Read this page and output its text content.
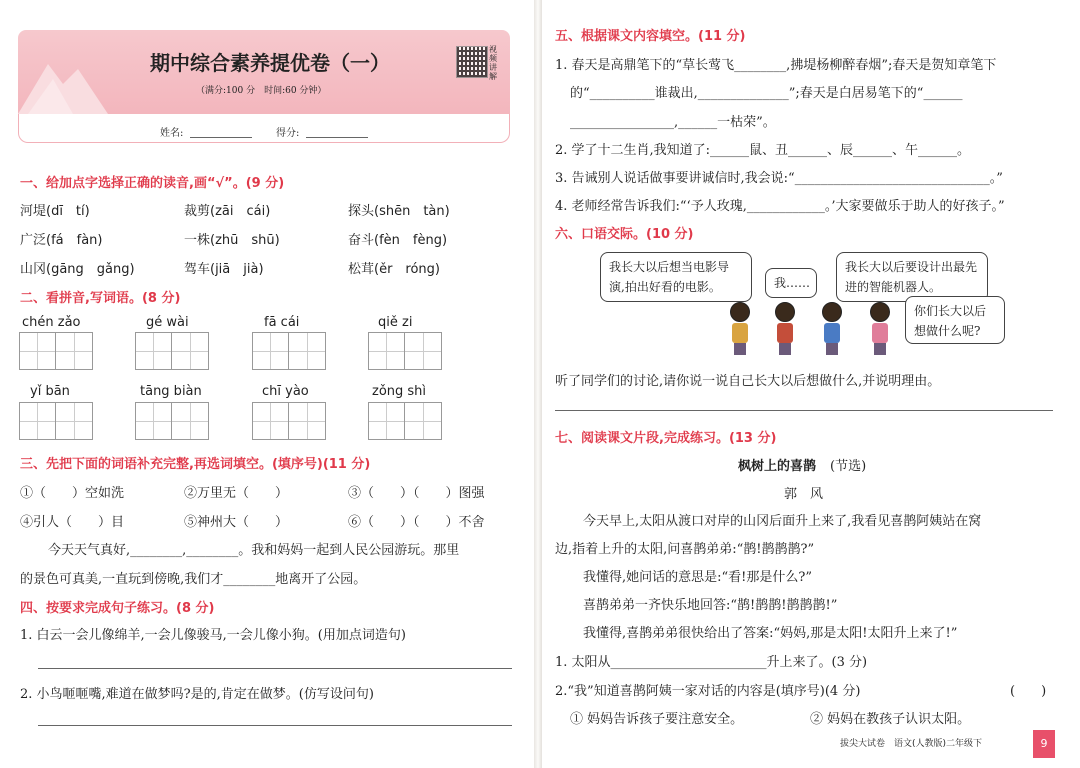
期中综合素养提优卷（一）
（满分:100 分　时间:60 分钟）
视频讲解
姓名:	得分:
一、给加点字选择正确的读音,画“√”。(9 分)
河堤(dī　tí)	裁剪(zāi　cái)	探头(shēn　tàn)
广泛(fá　fàn)	一株(zhū　shū)	奋斗(fèn　fèng)
山冈(gāng　gǎng)	驾车(jiā　jià)	松茸(ěr　róng)
二、看拼音,写词语。(8 分)
chén zǎo	gé wài	fā cái	qiě zi
yǐ bān	tāng biàn	chī yào	zǒng shì
三、先把下面的词语补充完整,再选词填空。(填序号)(11 分)
①（　　）空如洗	②万里无（　　）	③（　　）（　　）图强
④引人（　　）目	⑤神州大（　　）	⑥（　　）（　　）不舍
今天天气真好,________,________。我和妈妈一起到人民公园游玩。那里
的景色可真美,一直玩到傍晚,我们才________地离开了公园。
四、按要求完成句子练习。(8 分)
1. 白云一会儿像绵羊,一会儿像骏马,一会儿像小狗。(用加点词造句)
2. 小鸟咂咂嘴,难道在做梦吗?是的,肯定在做梦。(仿写设问句)
五、根据课文内容填空。(11 分)
1. 春天是高鼎笔下的“草长莺飞________,拂堤杨柳醉春烟”;春天是贺知章笔下
的“__________谁裁出,______________”;春天是白居易笔下的“______
________________,______一枯荣”。
2. 学了十二生肖,我知道了:______鼠、丑______、辰______、午______。
3. 告诫别人说话做事要讲诚信时,我会说:“______________________________。”
4. 老师经常告诉我们:“‘予人玫瑰,____________。’大家要做乐于助人的好孩子。”
六、口语交际。(10 分)
我长大以后想当电影导演,拍出好看的电影。	我……
我长大以后要设计出最先进的智能机器人。
你们长大以后想做什么呢?
听了同学们的讨论,请你说一说自己长大以后想做什么,并说明理由。
七、阅读课文片段,完成练习。(13 分)
枫树上的喜鹊 (节选)
郭　风
今天早上,太阳从渡口对岸的山冈后面升上来了,我看见喜鹊阿姨站在窝
边,指着上升的太阳,问喜鹊弟弟:“鹊!鹊鹊鹊?”
我懂得,她问话的意思是:“看!那是什么?”
喜鹊弟弟一齐快乐地回答:“鹊!鹊鹊!鹊鹊鹊!”
我懂得,喜鹊弟弟很快给出了答案:“妈妈,那是太阳!太阳升上来了!”
1. 太阳从________________________升上来了。(3 分)
2.“我”知道喜鹊阿姨一家对话的内容是(填序号)(4 分)	(　　)
① 妈妈告诉孩子要注意安全。	② 妈妈在教孩子认识太阳。
拔尖大试卷　语文(人教版)二年级下	9
